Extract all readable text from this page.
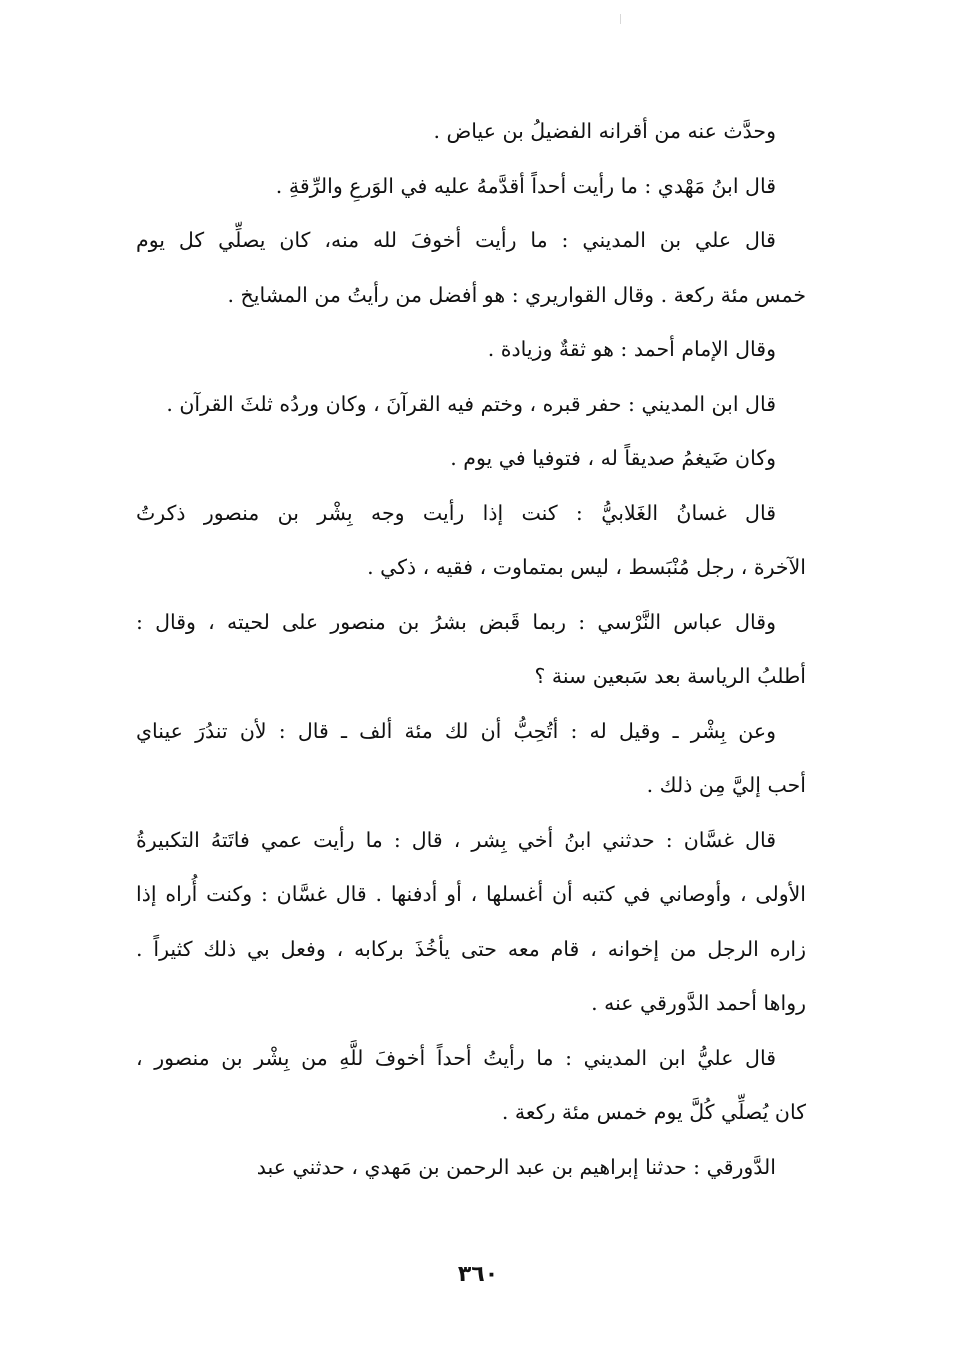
وحدَّث عنه من أقرانه الفضيلُ بن عياض .

قال ابنُ مَهْدي : ما رأيت أحداً أقدَّمهُ عليه في الوَرعِ والرِّقةِ .

قال علي بن المديني : ما رأيت أخوفَ لله منه، كان يصلِّي كل يوم
خمس مئة ركعة . وقال القواريري : هو أفضل من رأيتُ من المشايخ .

وقال الإمام أحمد : هو ثقةٌ وزيادة .

قال ابن المديني : حفر قبره ، وختم فيه القرآنَ ، وكان وردُه ثلثَ القرآن .

وكان ضَيغمُ صديقاً له ، فتوفيا في يوم .

قال غسانُ الغَلابيُّ : كنت إذا رأيت وجه بِشْر بن منصور ذكرتُ
الآخرة ، رجل مُنْبَسط ، ليس بمتماوت ، فقيه ، ذكي .

وقال عباس النَّرْسي : ربما قَبض بشرُ بن منصور على لحيته ، وقال :
أطلبُ الرياسة بعد سَبعين سنة ؟

وعن بِشْر ـ وقيل له : أتُحِبُّ أن لك مئة ألف ـ قال : لأن تندُرَ عيناي
أحب إليَّ مِن ذلك .

قال غسَّان : حدثني ابنُ أخي بِشر ، قال : ما رأيت عمي فاتَتهُ التكبيرةُ
الأولى ، وأوصاني في كتبه أن أغسلها ، أو أدفنها . قال غسَّان : وكنت أُراه إذا
زاره الرجل من إخوانه ، قام معه حتى يأخُذَ بركابه ، وفعل بي ذلك كثيراً .
رواها أحمد الدَّورقي عنه .

قال عليُّ ابن المديني : ما رأيتُ أحداً أخوفَ للَّهِ من بِشْر بن منصور ،
كان يُصلِّي كُلَّ يوم خمس مئة ركعة .

الدَّورقي : حدثنا إبراهيم بن عبد الرحمن بن مَهدي ، حدثني عبد

٣٦٠
